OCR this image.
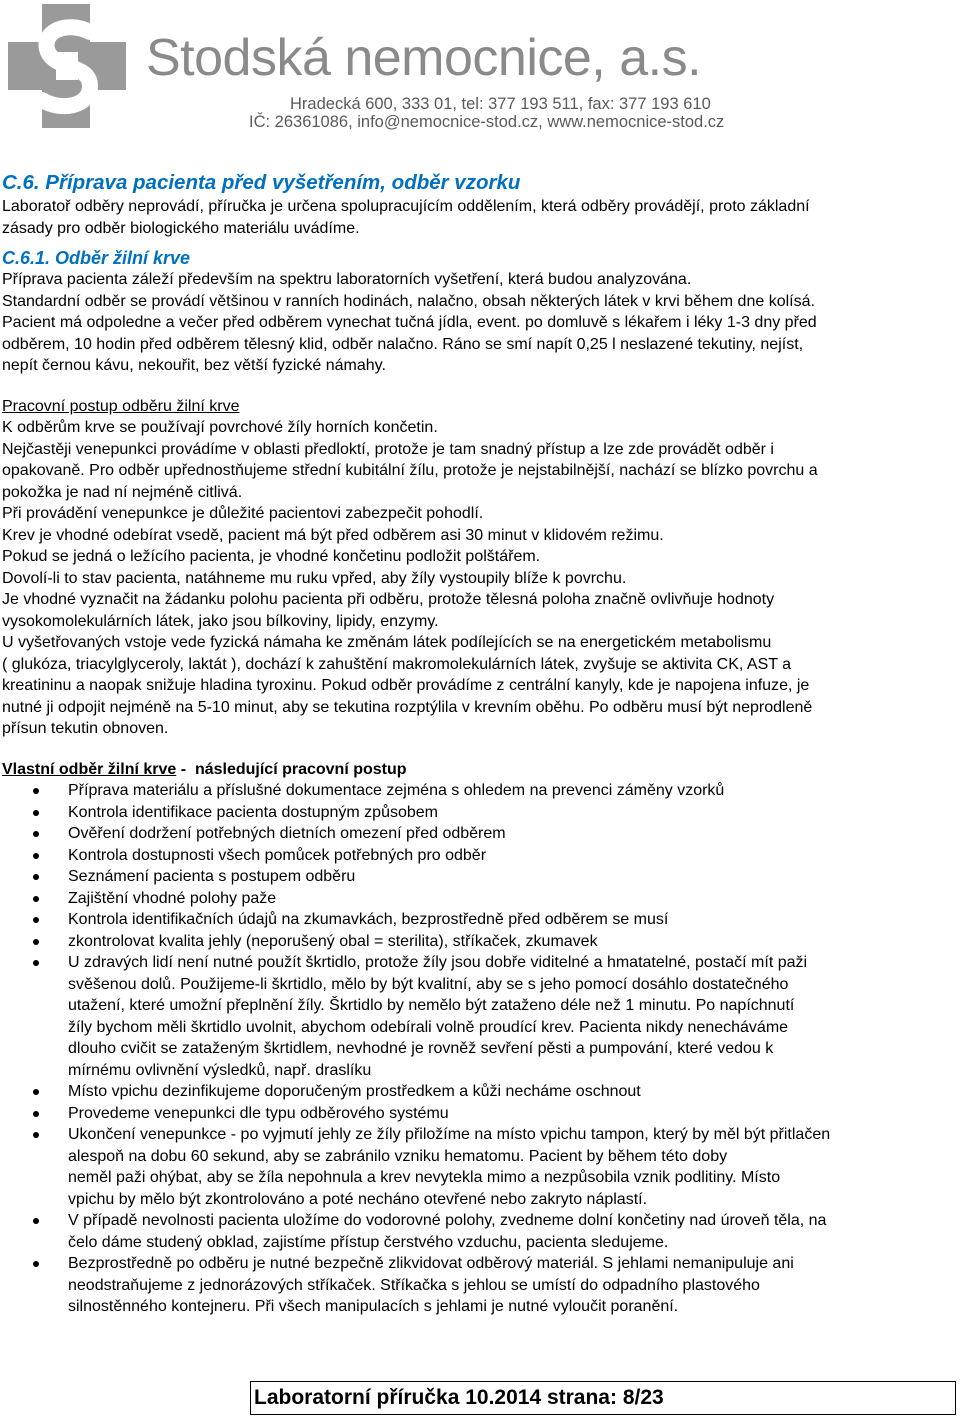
Stodská nemocnice, a.s.
Hradecká 600, 333 01, tel: 377 193 511, fax: 377 193 610
IČ: 26361086, info@nemocnice-stod.cz, www.nemocnice-stod.cz
C.6. Příprava pacienta před vyšetřením, odběr vzorku
Laboratoř odběry neprovádí, příručka je určena spolupracujícím oddělením, která odběry provádějí, proto základní
zásady pro odběr biologického materiálu uvádíme.
C.6.1. Odběr žilní krve
Příprava pacienta záleží především na spektru laboratorních vyšetření, která budou analyzována.
Standardní odběr se provádí většinou v ranních hodinách, nalačno, obsah některých látek v krvi během dne kolísá.
Pacient má odpoledne a večer před odběrem vynechat tučná jídla, event. po domluvě s lékařem i léky 1-3 dny před
odběrem, 10 hodin před odběrem tělesný klid, odběr nalačno. Ráno se smí napít 0,25 l neslazené tekutiny, nejíst,
nepít černou kávu, nekouřit, bez větší fyzické námahy.
Pracovní postup odběru žilní krve
K odběrům krve se používají povrchové žíly horních končetin.
Nejčastěji venepunkci provádíme v oblasti předloktí, protože je tam snadný přístup a lze zde provádět odběr i
opakovaně. Pro odběr upřednostňujeme střední kubitální žílu, protože je nejstabilnější, nachází se blízko povrchu a
pokožka je nad ní nejméně citlivá.
Při provádění venepunkce je důležité pacientovi zabezpečit pohodlí.
Krev je vhodné odebírat vsedě, pacient má být před odběrem asi 30 minut v klidovém režimu.
Pokud se jedná o ležícího pacienta, je vhodné končetinu podložit polštářem.
Dovolí-li to stav pacienta, natáhneme mu ruku vpřed, aby žíly vystoupily blíže k povrchu.
Je vhodné vyznačit na žádanku polohu pacienta při odběru, protože tělesná poloha značně ovlivňuje hodnoty
vysokomolekulárních látek, jako jsou bílkoviny, lipidy, enzymy.
U vyšetřovaných vstoje vede fyzická námaha ke změnám látek podílejících se na energetickém metabolismu
( glukóza, triacylglyceroly, laktát ), dochází k zahuštění makromolekulárních látek, zvyšuje se aktivita CK, AST a
kreatininu a naopak snižuje hladina tyroxinu. Pokud odběr provádíme z centrální kanyly, kde je napojena infuze, je
nutné ji odpojit nejméně na 5-10 minut, aby se tekutina rozptýlila v krevním oběhu. Po odběru musí být neprodleně
přísun tekutin obnoven.
Vlastní odběr žilní krve -  následující pracovní postup
Příprava materiálu a příslušné dokumentace zejména s ohledem na prevenci záměny vzorků
Kontrola identifikace pacienta dostupným způsobem
Ověření dodržení potřebných dietních omezení před odběrem
Kontrola dostupnosti všech pomůcek potřebných pro odběr
Seznámení pacienta s postupem odběru
Zajištění vhodné polohy paže
Kontrola identifikačních údajů na zkumavkách, bezprostředně před odběrem se musí
zkontrolovat kvalita jehly (neporušený obal = sterilita), stříkaček, zkumavek
U zdravých lidí není nutné použít škrtidlo, protože žíly jsou dobře viditelné a hmatatelné, postačí mít paži
svěšenou dolů. Použijeme-li škrtidlo, mělo by být kvalitní, aby se s jeho pomocí dosáhlo dostatečného
utažení, které umožní přeplnění žíly. Škrtidlo by nemělo být zataženo déle než 1 minutu. Po napíchnutí
žíly bychom měli škrtidlo uvolnit, abychom odebírali volně proudící krev. Pacienta nikdy nenecháváme
dlouho cvičit se zataženým škrtidlem, nevhodné je rovněž sevření pěsti a pumpování, které vedou k
mírnému ovlivnění výsledků, např. draslíku
Místo vpichu dezinfikujeme doporučeným prostředkem a kůži necháme oschnout
Provedeme venepunkci dle typu odběrového systému
Ukončení venepunkce - po vyjmutí jehly ze žíly přiložíme na místo vpichu tampon, který by měl být přitlačen
alespoň na dobu 60 sekund, aby se zabránilo vzniku hematomu. Pacient by během této doby
neměl paži ohýbat, aby se žíla nepohnula a krev nevytekla mimo a nezpůsobila vznik podlitiny. Místo
vpichu by mělo být zkontrolováno a poté necháno otevřené nebo zakryto náplastí.
V případě nevolnosti pacienta uložíme do vodorovné polohy, zvedneme dolní končetiny nad úroveň těla, na
čelo dáme studený obklad, zajistíme přístup čerstvého vzduchu, pacienta sledujeme.
Bezprostředně po odběru je nutné bezpečně zlikvidovat odběrový materiál. S jehlami nemanipuluje ani
neodstraňujeme z jednorázových stříkaček. Stříkačka s jehlou se umístí do odpadního plastového
silnostěnného kontejneru. Při všech manipulacích s jehlami je nutné vyloučit poranění.
Laboratorní příručka 10.2014 strana: 8/23
